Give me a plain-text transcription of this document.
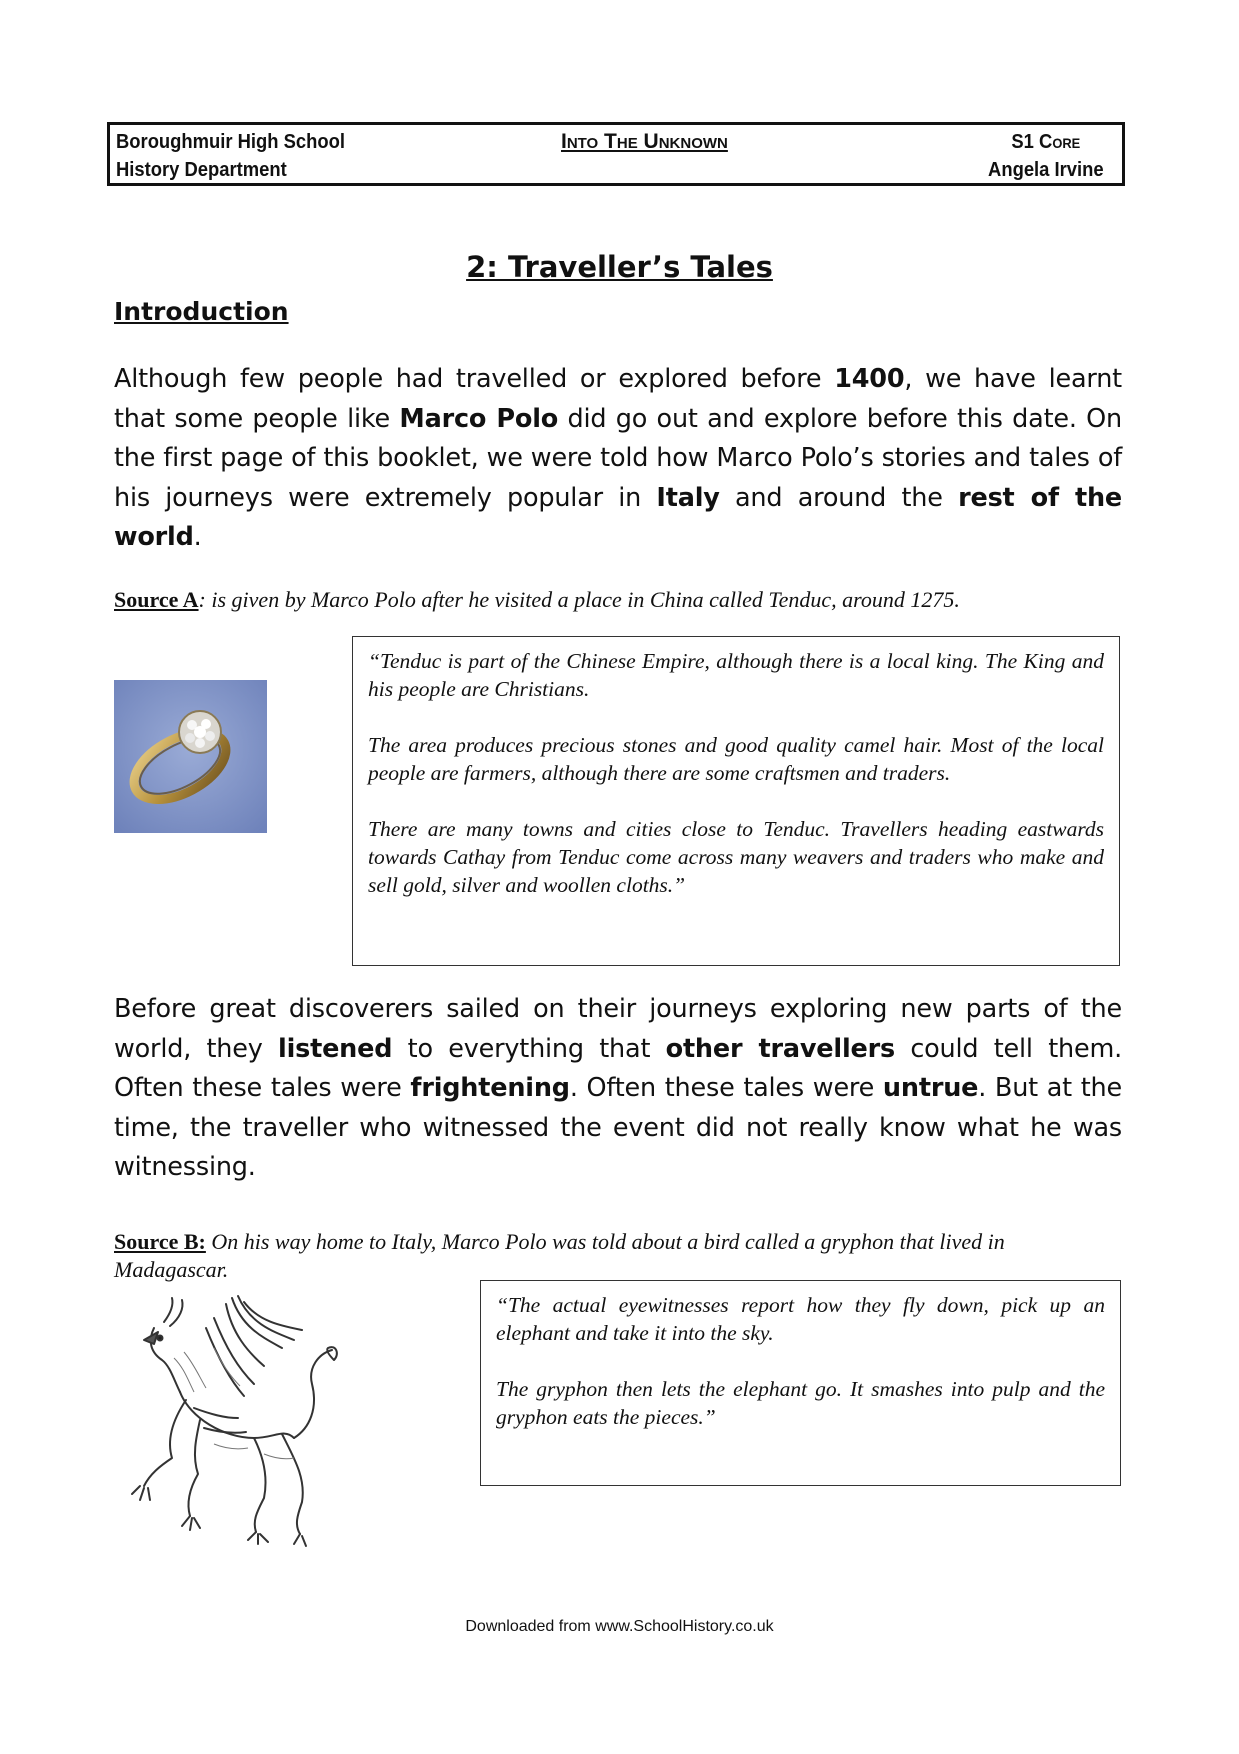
Boroughmuir High School
History Department
Into The Unknown	S1 Core
Angela Irvine
2: Traveller’s Tales
Introduction
Although few people had travelled or explored before 1400, we have learnt that some people like Marco Polo did go out and explore before this date. On the first page of this booklet, we were told how Marco Polo’s stories and tales of his journeys were extremely popular in Italy and around the rest of the world.
Source A: is given by Marco Polo after he visited a place in China called Tenduc, around 1275.

“Tenduc is part of the Chinese Empire, although there is a local king. The King and his people are Christians.

The area produces precious stones and good quality camel hair. Most of the local people are farmers, although there are some craftsmen and traders.

There are many towns and cities close to Tenduc. Travellers heading eastwards towards Cathay from Tenduc come across many weavers and traders who make and sell gold, silver and woollen cloths.”

Before great discoverers sailed on their journeys exploring new parts of the world, they listened to everything that other travellers could tell them. Often these tales were frightening. Often these tales were untrue. But at the time, the traveller who witnessed the event did not really know what he was witnessing.
Source B: On his way home to Italy, Marco Polo was told about a bird called a gryphon that lived in Madagascar.

“The actual eyewitnesses report how they fly down, pick up an elephant and take it into the sky.

The gryphon then lets the elephant go. It smashes into pulp and the gryphon eats the pieces.”

Downloaded from www.SchoolHistory.co.uk
